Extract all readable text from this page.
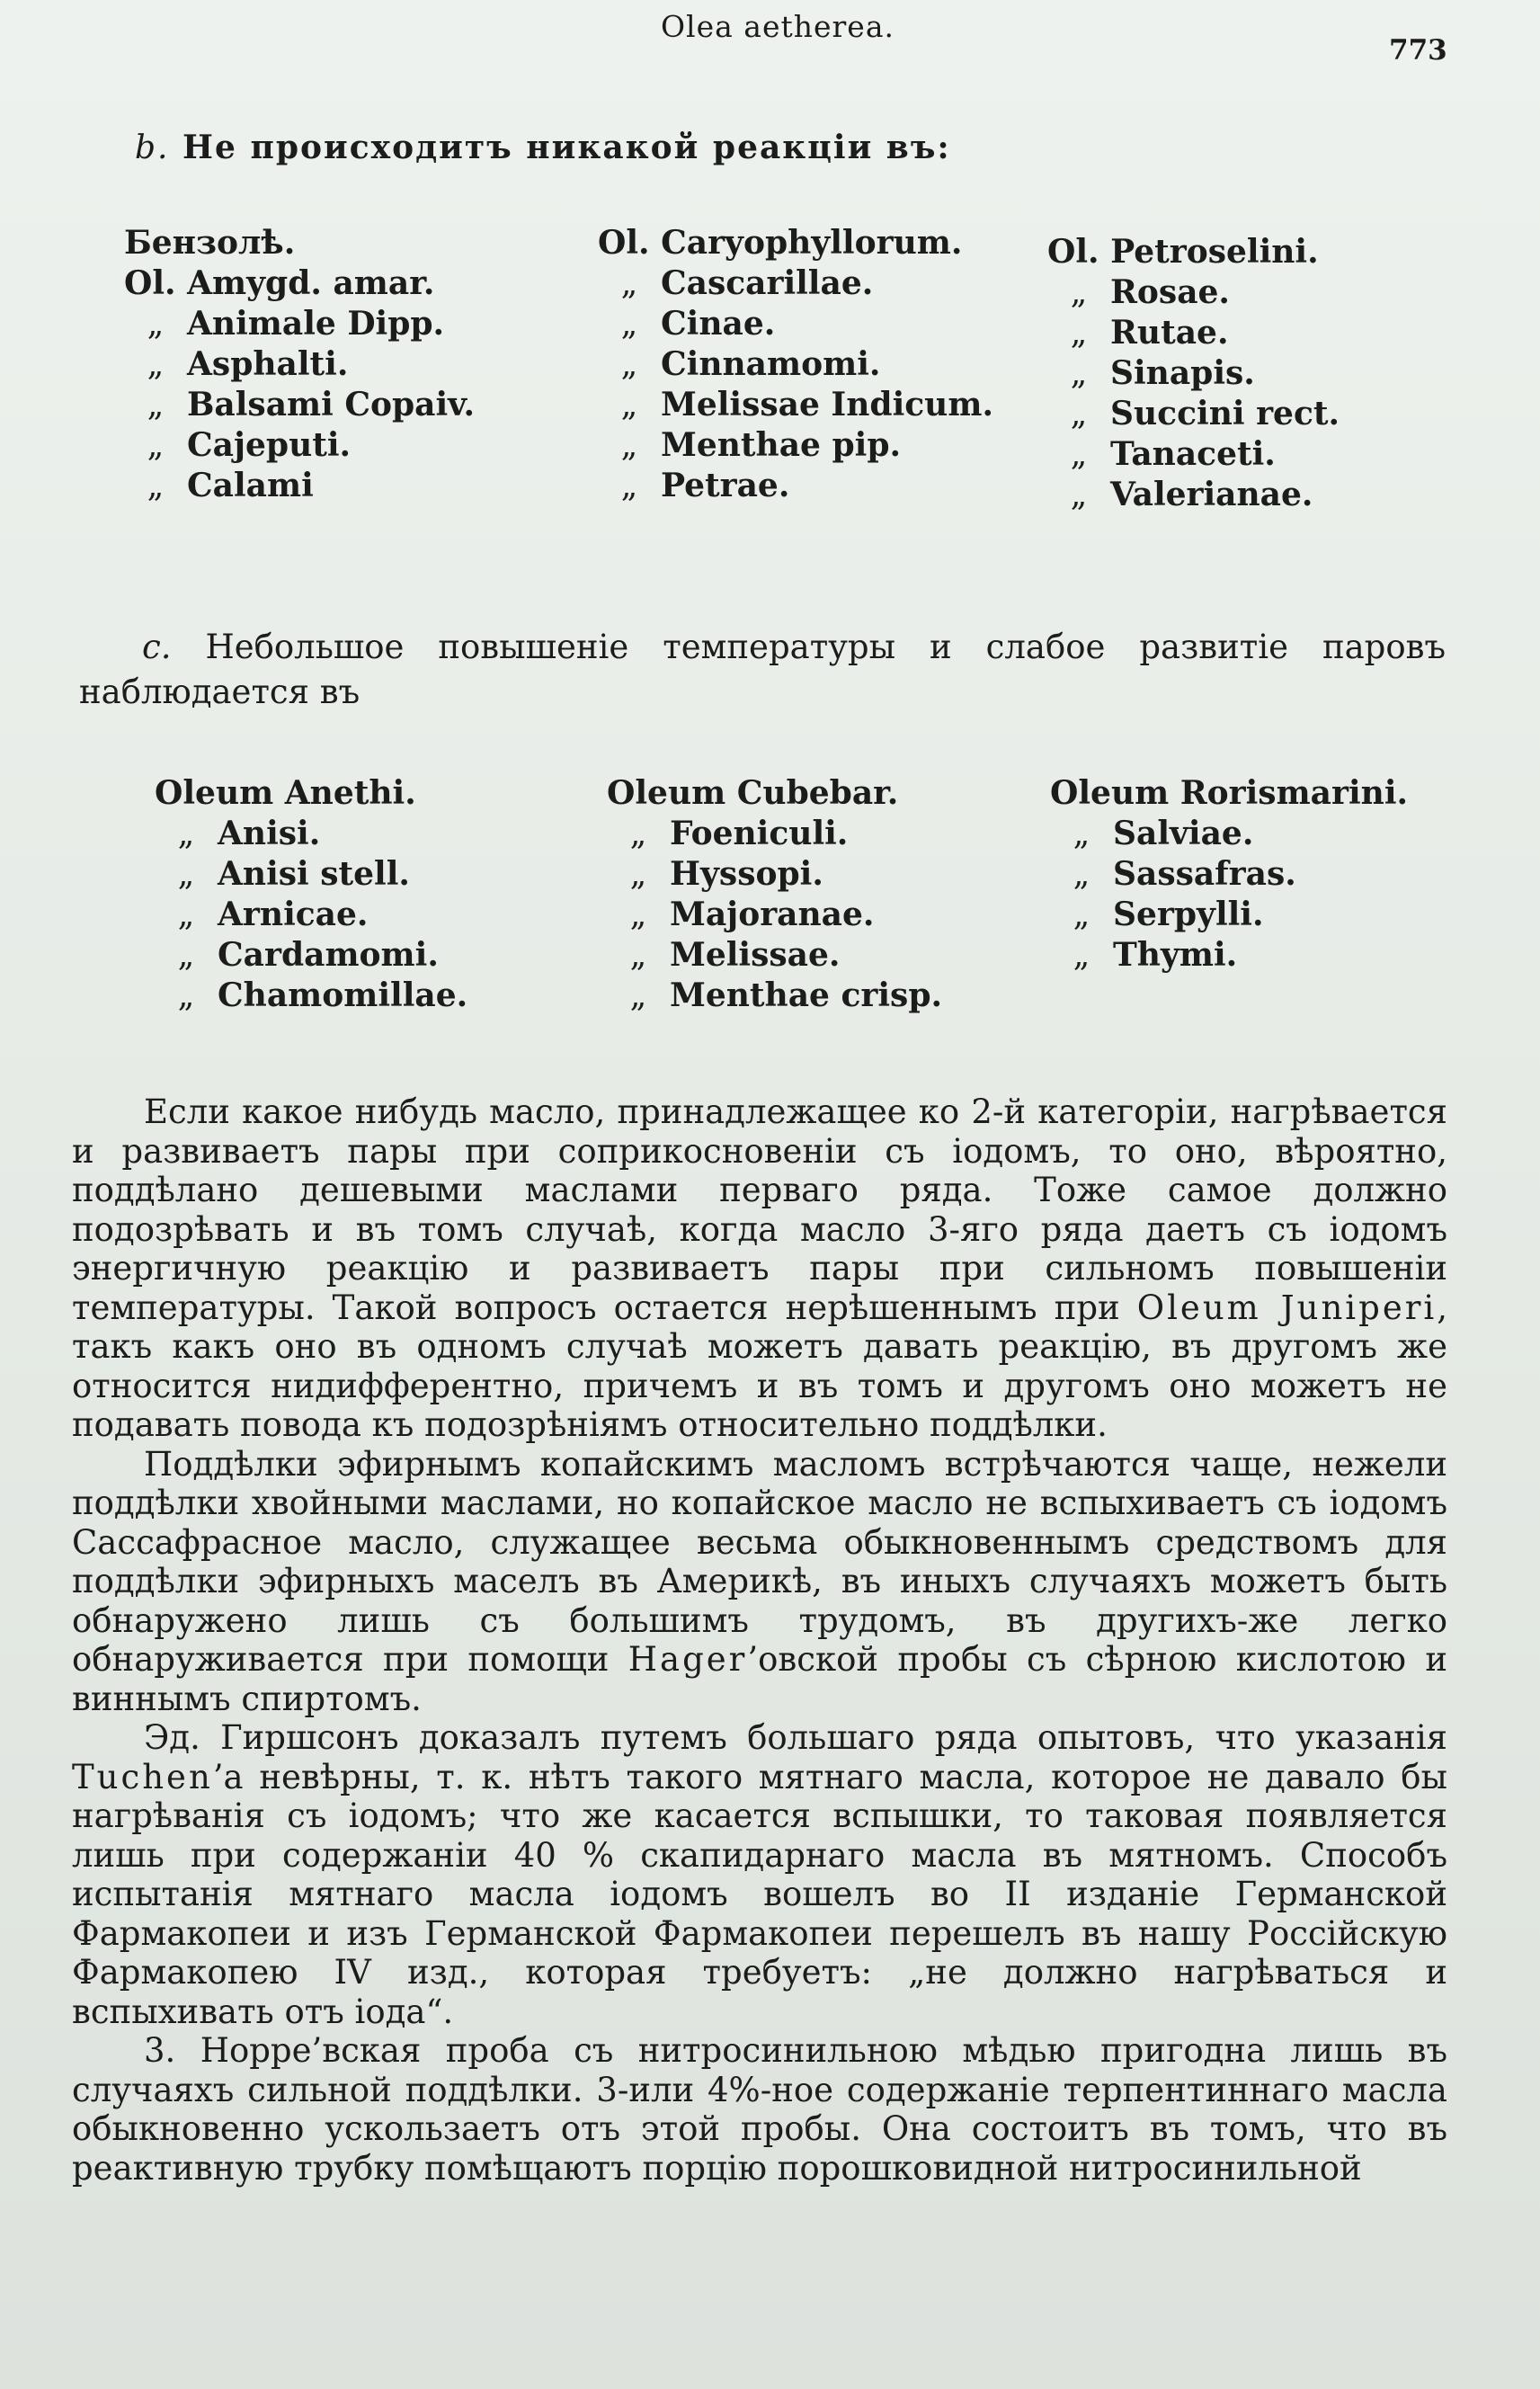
Olea aetherea.
773
b. Не происходитъ никакой реакціи въ:
Бензолѣ.
Ol. Amygd. amar.
„ Animale Dipp.
„ Asphalti.
„ Balsami Copaiv.
„ Cajeputi.
„ Calami
Ol. Caryophyllorum.
„ Cascarillae.
„ Cinae.
„ Cinnamomi.
„ Melissae Indicum.
„ Menthae pip.
„ Petrae.
Ol. Petroselini.
„ Rosae.
„ Rutae.
„ Sinapis.
„ Succini rect.
„ Tanaceti.
„ Valerianae.
c. Небольшое повышеніе температуры и слабое развитіе паровъ наблюдается въ
Oleum Anethi.
„ Anisi.
„ Anisi stell.
„ Arnicae.
„ Cardamomi.
„ Chamomillae.
Oleum Cubebar.
„ Foeniculi.
„ Hyssopi.
„ Majoranae.
„ Melissae.
„ Menthae crisp.
Oleum Rorismarini.
„ Salviae.
„ Sassafras.
„ Serpylli.
„ Thymi.

Если какое нибудь масло, принадлежащее ко 2-й категоріи, нагрѣвается и развиваетъ пары при соприкосновеніи съ іодомъ, то оно, вѣроятно, поддѣлано дешевыми маслами перваго ряда. Тоже самое должно подозрѣвать и въ томъ случаѣ, когда масло 3-яго ряда даетъ съ іодомъ энергичную реакцію и развиваетъ пары при сильномъ повышеніи температуры. Такой вопросъ остается нерѣшеннымъ при Oleum Juniperi, такъ какъ оно въ одномъ случаѣ можетъ давать реакцію, въ другомъ же относится нидифферентно, причемъ и въ томъ и другомъ оно можетъ не подавать повода къ подозрѣніямъ относительно поддѣлки.

Поддѣлки эфирнымъ копайскимъ масломъ встрѣчаются чаще, нежели поддѣлки хвойными маслами, но копайское масло не вспыхиваетъ съ іодомъ Сассафрасное масло, служащее весьма обыкновеннымъ средствомъ для поддѣлки эфирныхъ маселъ въ Америкѣ, въ иныхъ случаяхъ можетъ быть обнаружено лишь съ большимъ трудомъ, въ другихъ-же легко обнаруживается при помощи Hager’овской пробы съ сѣрною кислотою и виннымъ спиртомъ.

Эд. Гиршсонъ доказалъ путемъ большаго ряда опытовъ, что указанія Tuchen’а невѣрны, т. к. нѣтъ такого мятнаго масла, которое не давало бы нагрѣванія съ іодомъ; что же касается вспышки, то таковая появляется лишь при содержаніи 40 % скапидарнаго масла въ мятномъ. Способъ испытанія мятнаго масла іодомъ вошелъ во II изданіе Германской Фармакопеи и изъ Германской Фармакопеи перешелъ въ нашу Россійскую Фармакопею IV изд., которая требуетъ: „не должно нагрѣваться и вспыхивать отъ іода“.

3. Норре’вская проба съ нитросинильною мѣдью пригодна лишь въ случаяхъ сильной поддѣлки. 3-или 4%-ное содержаніе терпентиннаго масла обыкновенно ускользаетъ отъ этой пробы. Она состоитъ въ томъ, что въ реактивную трубку помѣщаютъ порцію порошковидной нитросинильной
